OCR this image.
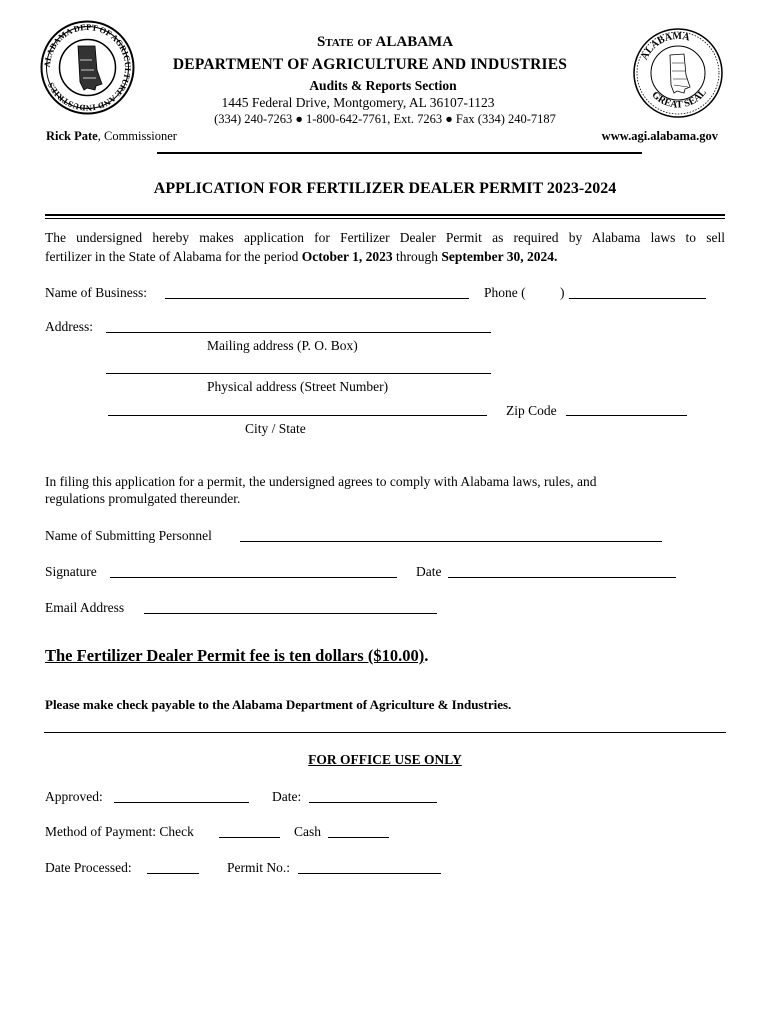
ALABAMA DEPT OF AGRICULTURE AND INDUSTRIES
ALABAMA
GREAT SEAL
State of ALABAMA
DEPARTMENT OF AGRICULTURE AND INDUSTRIES
Audits & Reports Section
1445 Federal Drive, Montgomery, AL 36107-1123
(334) 240-7263 ● 1-800-642-7761, Ext. 7263 ● Fax (334) 240-7187
Rick Pate, Commissioner	www.agi.alabama.gov
APPLICATION FOR FERTILIZER DEALER PERMIT 2023-2024
The undersigned hereby makes application for Fertilizer Dealer Permit as required by Alabama laws to sell
fertilizer in the State of Alabama for the period October 1, 2023 through September 30, 2024.
Name of Business:	Phone (	)
Address:
Mailing address (P. O. Box)
Physical address (Street Number)
Zip Code
City / State
In filing this application for a permit, the undersigned agrees to comply with Alabama laws, rules, and
regulations promulgated thereunder.
Name of Submitting Personnel
Signature	Date
Email Address
The Fertilizer Dealer Permit fee is ten dollars ($10.00).
Please make check payable to the Alabama Department of Agriculture & Industries.
FOR OFFICE USE ONLY
Approved:	Date:
Method of Payment: Check	Cash
Date Processed:	Permit No.:
